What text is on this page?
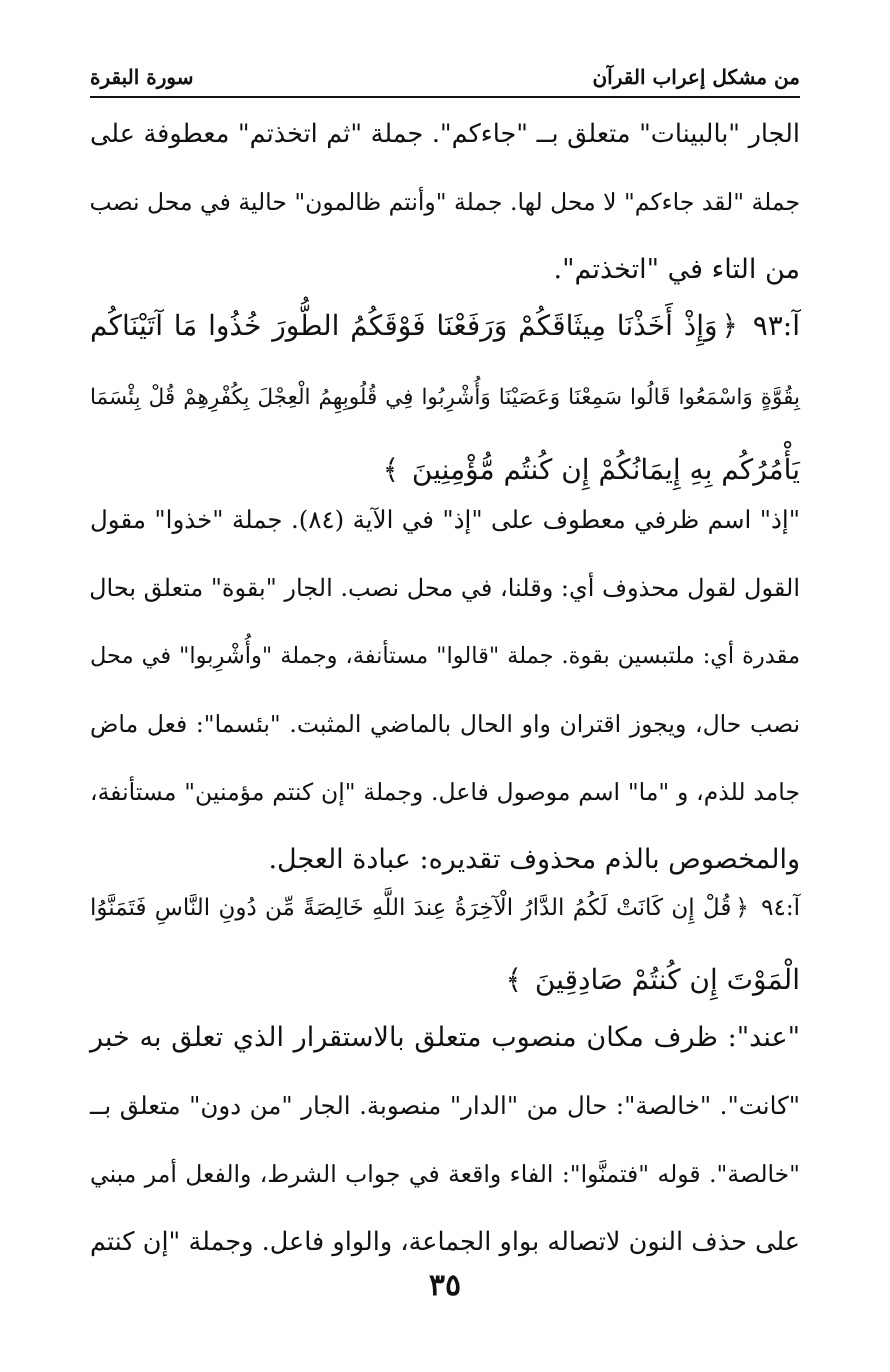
من مشكل إعراب القرآن
سورة البقرة

الجار "بالبينات" متعلق بــ "جاءكم". جملة "ثم اتخذتم" معطوفة على

جملة "لقد جاءكم" لا محل لها. جملة "وأنتم ظالمون" حالية في محل نصب

من التاء في "اتخذتم".

آ:٩٣ ﴿وَإِذْ أَخَذْنَا مِيثَاقَكُمْ وَرَفَعْنَا فَوْقَكُمُ الطُّورَ خُذُوا مَا آتَيْنَاكُم

بِقُوَّةٍ وَاسْمَعُوا قَالُوا سَمِعْنَا وَعَصَيْنَا وَأُشْرِبُوا فِي قُلُوبِهِمُ الْعِجْلَ بِكُفْرِهِمْ قُلْ بِئْسَمَا

يَأْمُرُكُم بِهِ إِيمَانُكُمْ إِن كُنتُم مُّؤْمِنِينَ ﴾

"إذ" اسم ظرفي معطوف على "إذ" في الآية (٨٤). جملة "خذوا" مقول

القول لقول محذوف أي: وقلنا، في محل نصب. الجار "بقوة" متعلق بحال

مقدرة أي: ملتبسين بقوة. جملة "قالوا" مستأنفة، وجملة "وأُشْرِبوا" في محل

نصب حال، ويجوز اقتران واو الحال بالماضي المثبت. "بئسما": فعل ماض

جامد للذم، و "ما" اسم موصول فاعل. وجملة "إن كنتم مؤمنين" مستأنفة،

والمخصوص بالذم محذوف تقديره: عبادة العجل.

آ:٩٤ ﴿قُلْ إِن كَانَتْ لَكُمُ الدَّارُ الْآخِرَةُ عِندَ اللَّهِ خَالِصَةً مِّن دُونِ النَّاسِ فَتَمَنَّوُا

الْمَوْتَ إِن كُنتُمْ صَادِقِينَ ﴾

"عند": ظرف مكان منصوب متعلق بالاستقرار الذي تعلق به خبر

"كانت". "خالصة": حال من "الدار" منصوبة. الجار "من دون" متعلق بــ

"خالصة". قوله "فتمنَّوا": الفاء واقعة في جواب الشرط، والفعل أمر مبني

على حذف النون لاتصاله بواو الجماعة، والواو فاعل. وجملة "إن كنتم

٣٥
